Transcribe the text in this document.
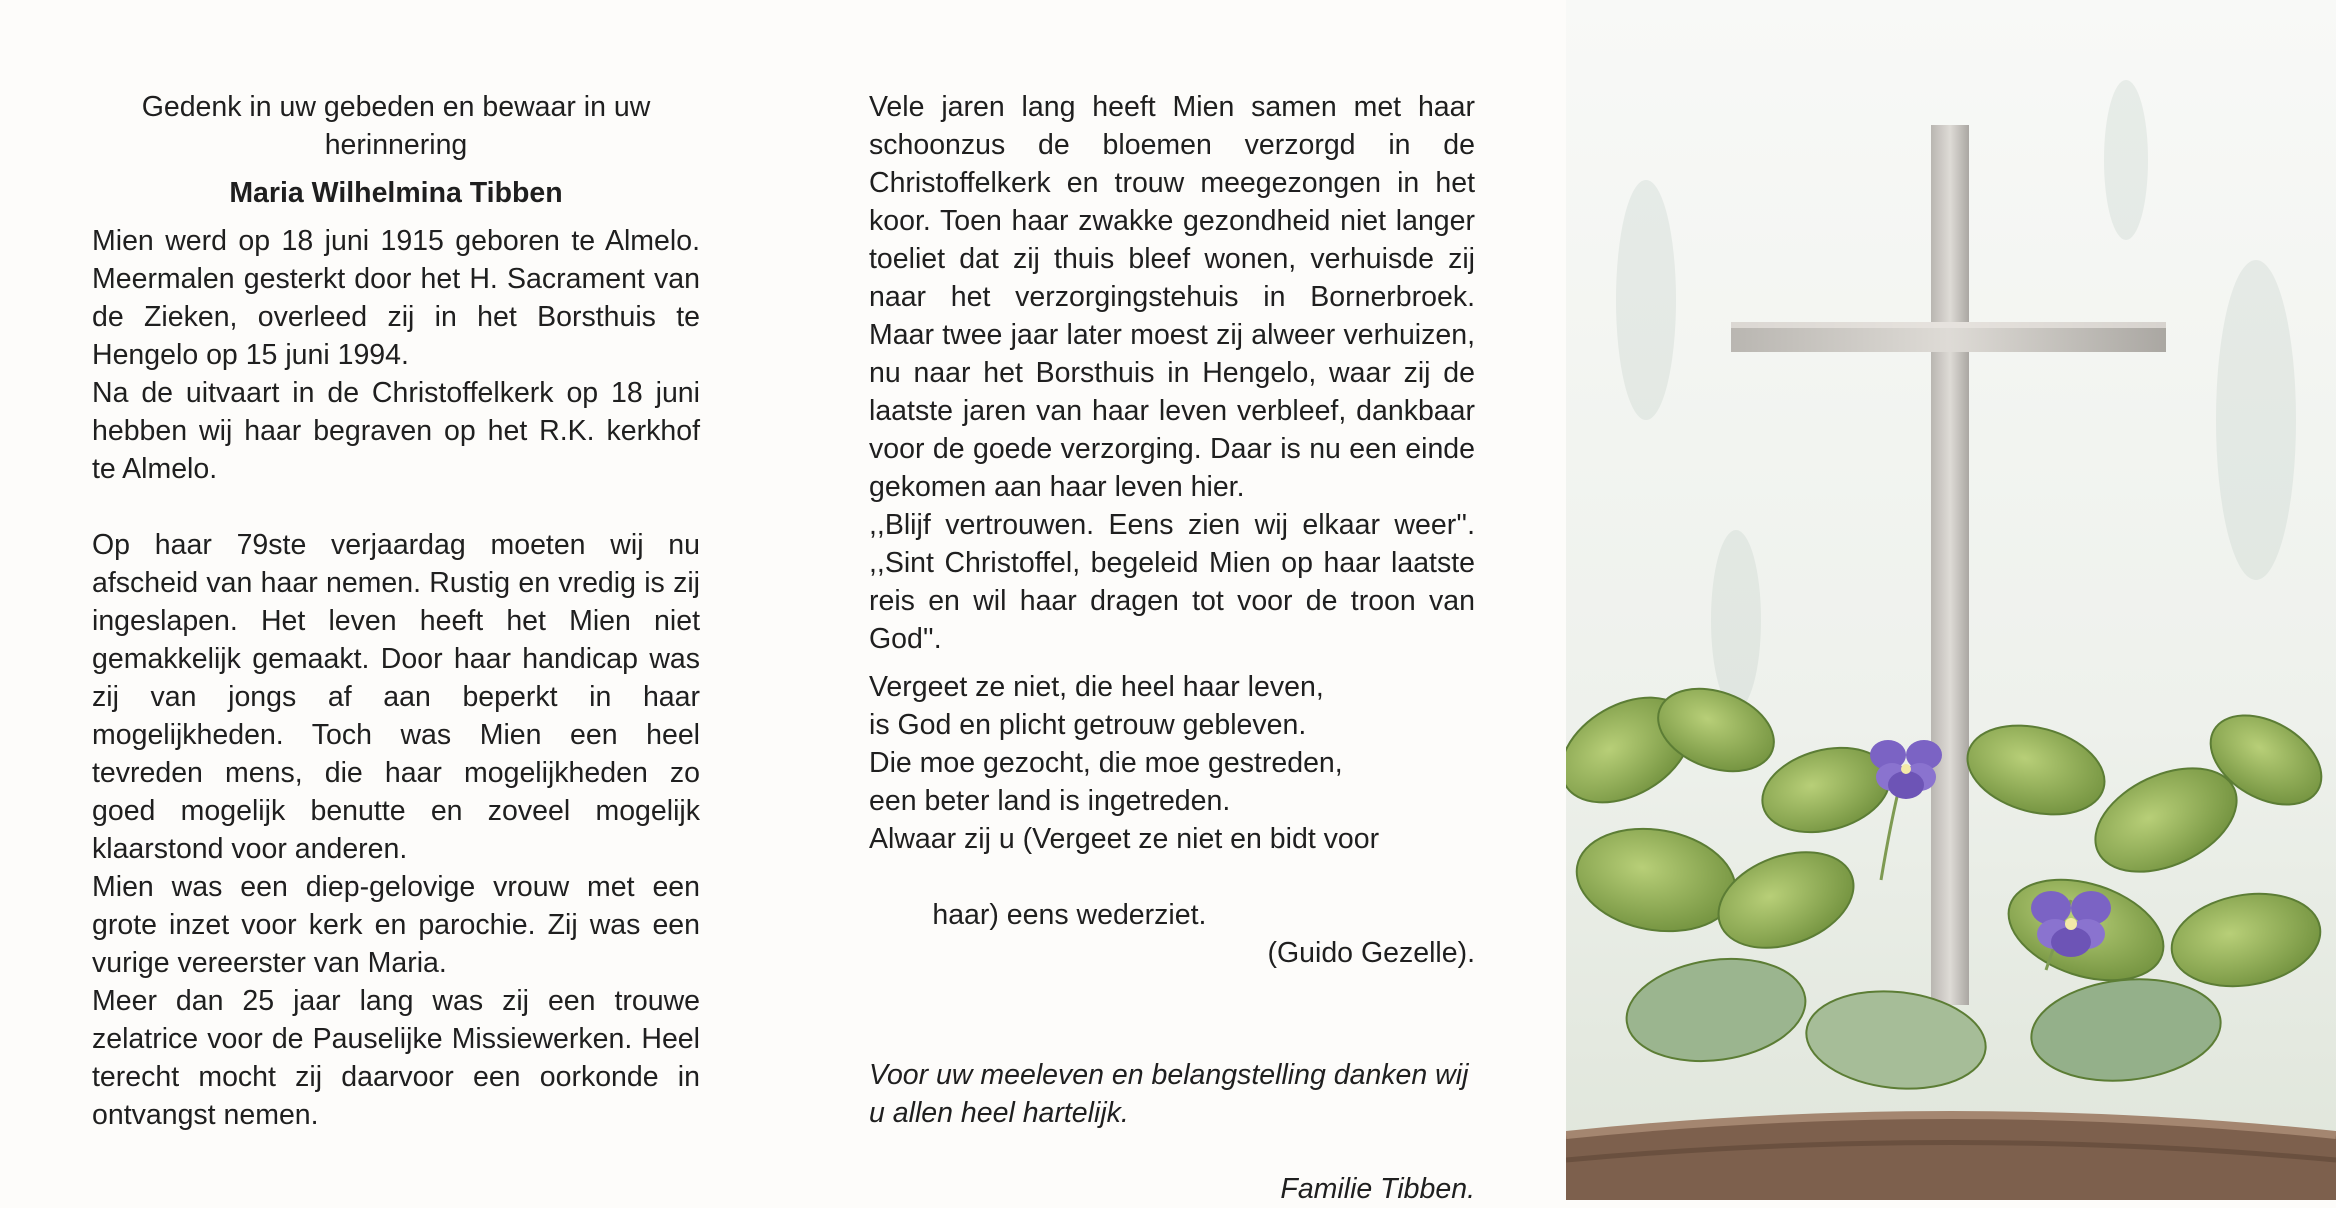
Gedenk in uw gebeden en bewaar in uw herinnering

Maria Wilhelmina Tibben

Mien werd op 18 juni 1915 geboren te Almelo. Meermalen gesterkt door het H. Sacrament van de Zieken, overleed zij in het Borsthuis te Hengelo op 15 juni 1994.

Na de uitvaart in de Christoffelkerk op 18 juni hebben wij haar begraven op het R.K. kerkhof te Almelo.

Op haar 79ste verjaardag moeten wij nu afscheid van haar nemen. Rustig en vredig is zij ingeslapen. Het leven heeft het Mien niet gemakkelijk gemaakt. Door haar handicap was zij van jongs af aan beperkt in haar mogelijkheden. Toch was Mien een heel tevreden mens, die haar mogelijkheden zo goed mogelijk benutte en zoveel mogelijk klaarstond voor anderen.

Mien was een diep-gelovige vrouw met een grote inzet voor kerk en parochie. Zij was een vurige vereerster van Maria.

Meer dan 25 jaar lang was zij een trouwe zelatrice voor de Pauselijke Missiewerken. Heel terecht mocht zij daarvoor een oorkonde in ontvangst nemen.

Vele jaren lang heeft Mien samen met haar schoonzus de bloemen verzorgd in de Christoffelkerk en trouw meegezongen in het koor. Toen haar zwakke gezondheid niet langer toeliet dat zij thuis bleef wonen, verhuisde zij naar het verzorgingstehuis in Bornerbroek. Maar twee jaar later moest zij alweer verhuizen, nu naar het Borsthuis in Hengelo, waar zij de laatste jaren van haar leven verbleef, dankbaar voor de goede verzorging. Daar is nu een einde gekomen aan haar leven hier.

,,Blijf vertrouwen. Eens zien wij elkaar weer''. ,,Sint Christoffel, begeleid Mien op haar laatste reis en wil haar dragen tot voor de troon van God''.

Vergeet ze niet, die heel haar leven,

is God en plicht getrouw gebleven.

Die moe gezocht, die moe gestreden,

een beter land is ingetreden.

Alwaar zij u (Vergeet ze niet en bidt voor

haar) eens wederziet.

(Guido Gezelle).

Voor uw meeleven en belangstelling danken wij u allen heel hartelijk.

Familie Tibben.
